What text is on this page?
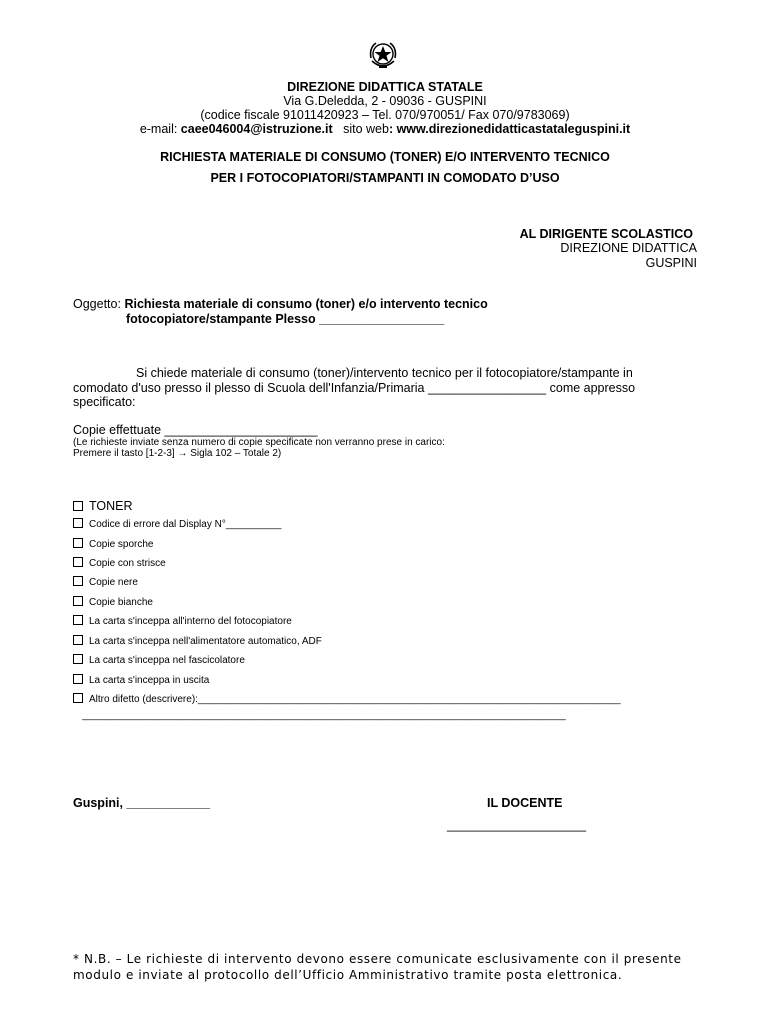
DIREZIONE DIDATTICA STATALE
Via G.Deledda, 2 - 09036 - GUSPINI
(codice fiscale 91011420923 – Tel. 070/970051/ Fax 070/9783069)
e-mail: caee046004@istruzione.it   sito web: www.direzionedidatticastataleguspini.it
RICHIESTA MATERIALE DI CONSUMO (TONER) E/O INTERVENTO TECNICO
PER I FOTOCOPIATORI/STAMPANTI IN COMODATO D’USO
AL DIRIGENTE SCOLASTICO
DIREZIONE DIDATTICA
GUSPINI
Oggetto: Richiesta materiale di consumo (toner) e/o intervento tecnico
fotocopiatore/stampante Plesso __________________
Si chiede materiale di consumo (toner)/intervento tecnico per il fotocopiatore/stampante in
comodato d'uso presso il plesso di Scuola dell'Infanzia/Primaria _________________ come appresso
specificato:
Copie effettuate ______________________
(Le richieste inviate senza numero di copie specificate non verranno prese in carico:
Premere il tasto [1-2-3] → Sigla 102 – Totale 2)
TONER
Codice di errore dal Display N°__________
Copie sporche
Copie con strisce
Copie nere
Copie bianche
La carta s'inceppa all'interno del fotocopiatore
La carta s'inceppa nell'alimentatore automatico, ADF
La carta s'inceppa nel fascicolatore
La carta s'inceppa in uscita
Altro difetto (descrivere):____________________________________________________________________________
_______________________________________________________________________________________
Guspini, ____________	IL DOCENTE
____________________
* N.B. – Le richieste di intervento devono essere comunicate esclusivamente con il presente
modulo e inviate al protocollo dell’Ufficio Amministrativo tramite posta elettronica.
